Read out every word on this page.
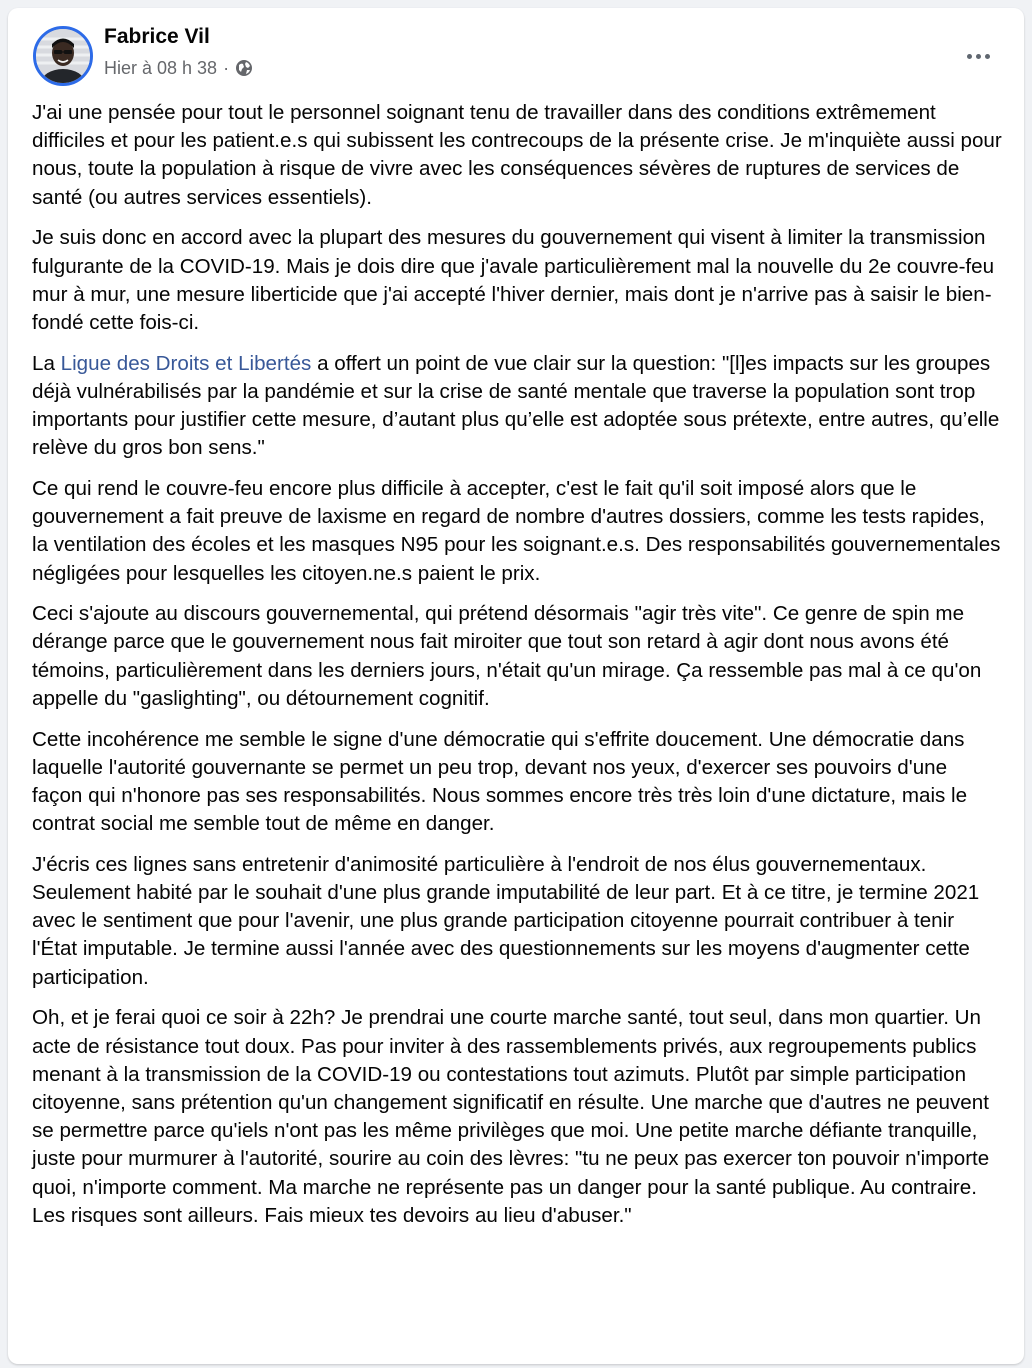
Fabrice Vil
Hier à 08 h 38 ·

J'ai une pensée pour tout le personnel soignant tenu de travailler dans des conditions extrêmement difficiles et pour les patient.e.s qui subissent les contrecoups de la présente crise. Je m'inquiète aussi pour nous, toute la population à risque de vivre avec les conséquences sévères de ruptures de services de santé (ou autres services essentiels).

Je suis donc en accord avec la plupart des mesures du gouvernement qui visent à limiter la transmission fulgurante de la COVID-19. Mais je dois dire que j'avale particulièrement mal la nouvelle du 2e couvre-feu mur à mur, une mesure liberticide que j'ai accepté l'hiver dernier, mais dont je n'arrive pas à saisir le bien-fondé cette fois-ci.

La Ligue des Droits et Libertés a offert un point de vue clair sur la question: "[l]es impacts sur les groupes déjà vulnérabilisés par la pandémie et sur la crise de santé mentale que traverse la population sont trop importants pour justifier cette mesure, d’autant plus qu’elle est adoptée sous prétexte, entre autres, qu’elle relève du gros bon sens."

Ce qui rend le couvre-feu encore plus difficile à accepter, c'est le fait qu'il soit imposé alors que le gouvernement a fait preuve de laxisme en regard de nombre d'autres dossiers, comme les tests rapides, la ventilation des écoles et les masques N95 pour les soignant.e.s. Des responsabilités gouvernementales négligées pour lesquelles les citoyen.ne.s paient le prix.

Ceci s'ajoute au discours gouvernemental, qui prétend désormais "agir très vite". Ce genre de spin me dérange parce que le gouvernement nous fait miroiter que tout son retard à agir dont nous avons été témoins, particulièrement dans les derniers jours, n'était qu'un mirage. Ça ressemble pas mal à ce qu'on appelle du "gaslighting", ou détournement cognitif.

Cette incohérence me semble le signe d'une démocratie qui s'effrite doucement. Une démocratie dans laquelle l'autorité gouvernante se permet un peu trop, devant nos yeux, d'exercer ses pouvoirs d'une façon qui n'honore pas ses responsabilités. Nous sommes encore très très loin d'une dictature, mais le contrat social me semble tout de même en danger.

J'écris ces lignes sans entretenir d'animosité particulière à l'endroit de nos élus gouvernementaux. Seulement habité par le souhait d'une plus grande imputabilité de leur part. Et à ce titre, je termine 2021 avec le sentiment que pour l'avenir, une plus grande participation citoyenne pourrait contribuer à tenir l'État imputable. Je termine aussi l'année avec des questionnements sur les moyens d'augmenter cette participation.

Oh, et je ferai quoi ce soir à 22h? Je prendrai une courte marche santé, tout seul, dans mon quartier. Un acte de résistance tout doux. Pas pour inviter à des rassemblements privés, aux regroupements publics menant à la transmission de la COVID-19 ou contestations tout azimuts. Plutôt par simple participation citoyenne, sans prétention qu'un changement significatif en résulte. Une marche que d'autres ne peuvent se permettre parce qu'iels n'ont pas les même privilèges que moi. Une petite marche défiante tranquille, juste pour murmurer à l'autorité, sourire au coin des lèvres: "tu ne peux pas exercer ton pouvoir n'importe quoi, n'importe comment. Ma marche ne représente pas un danger pour la santé publique. Au contraire. Les risques sont ailleurs. Fais mieux tes devoirs au lieu d'abuser."
